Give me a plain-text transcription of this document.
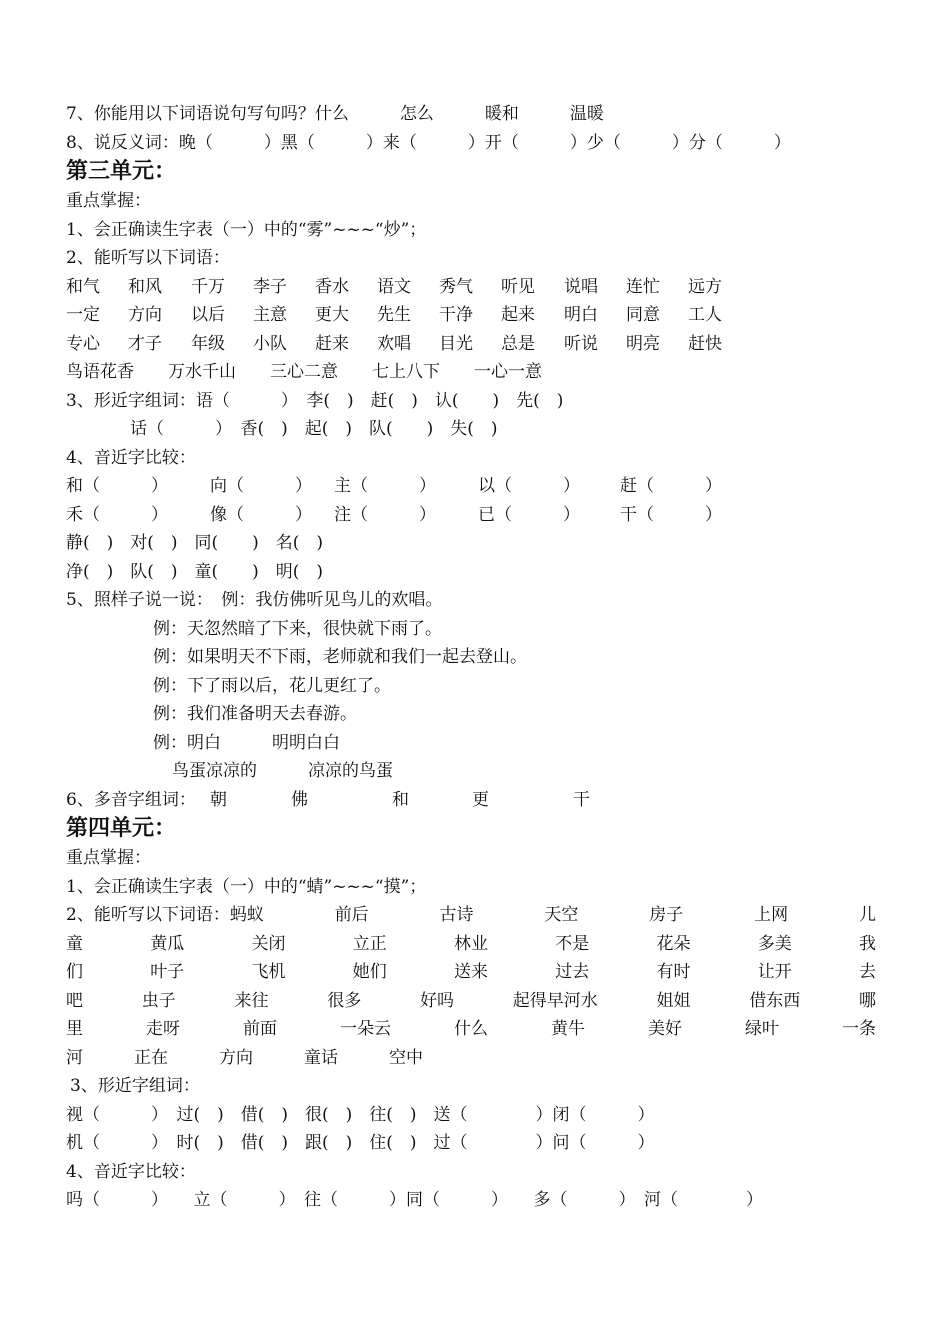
7、你能用以下词语说句写句吗？什么　　　怎么　　　暖和　　　温暖
8、说反义词：晚（　　　）黑（　　　）来（　　　）开（　　　）少（　　　）分（　　　）
第三单元：
重点掌握：
1、会正确读生字表（一）中的“雾”~~~“炒”；
2、能听写以下词语：
和气 和风 千万 李子 香水 语文 秀气 听见 说唱 连忙 远方
一定 方向 以后 主意 更大 先生 干净 起来 明白 同意 工人
专心 才子 年级 小队 赶来 欢唱 目光 总是 听说 明亮 赶快
鸟语花香　　万水千山　　三心二意　　七上八下　　一心一意
3、形近字组词：语（　　　）　李(　)　赶(　)　认(　　)　先(　)
话（　　　）　香(　)　起(　)　队(　　)　失(　)
4、音近字比较：
和（　　　） 向（　　　） 主（　　　） 以（　　　） 赶（　　　）
禾（　　　） 像（　　　） 注（　　　） 已（　　　） 干（　　　）
静(　)　对(　)　同(　　)　名(　)
净(　)　队(　)　童(　　)　明(　)
5、照样子说一说：　例：我仿佛听见鸟儿的欢唱。
例：天忽然暗了下来，很快就下雨了。
例：如果明天不下雨，老师就和我们一起去登山。
例：下了雨以后，花儿更红了。
例：我们准备明天去春游。
例：明白　　　明明白白
鸟蛋凉凉的　　　凉凉的鸟蛋
6、多音字组词： 朝	佛	和	更	干
第四单元：
重点掌握：
1、会正确读生字表（一）中的“蜻”~~~“摸”；
2、能听写以下词语：蚂蚁	前后	古诗	天空	房子	上网	儿
童	黄瓜	关闭	立正	林业	不是	花朵	多美	我
们	叶子	飞机	她们	送来	过去	有时	让开	去
吧	虫子	来往	很多	好吗	起得早河水	姐姐	借东西	哪
里	走呀	前面	一朵云	什么	黄牛	美好	绿叶	一条
河　　　正在　　　方向　　　童话　　　空中
3、形近字组词：
视（　　　）　过(　)　借(　)　很(　)　往(　)　送（　　　　）闭（　　　）
机（　　　）　时(　)　借(　)　跟(　)　住(　)　过（　　　　）问（　　　）
4、音近字比较：
吗（　　　）　　立（　　　）　往（　　　）同（　　　）　　多（　　　）　河（　　　　）
